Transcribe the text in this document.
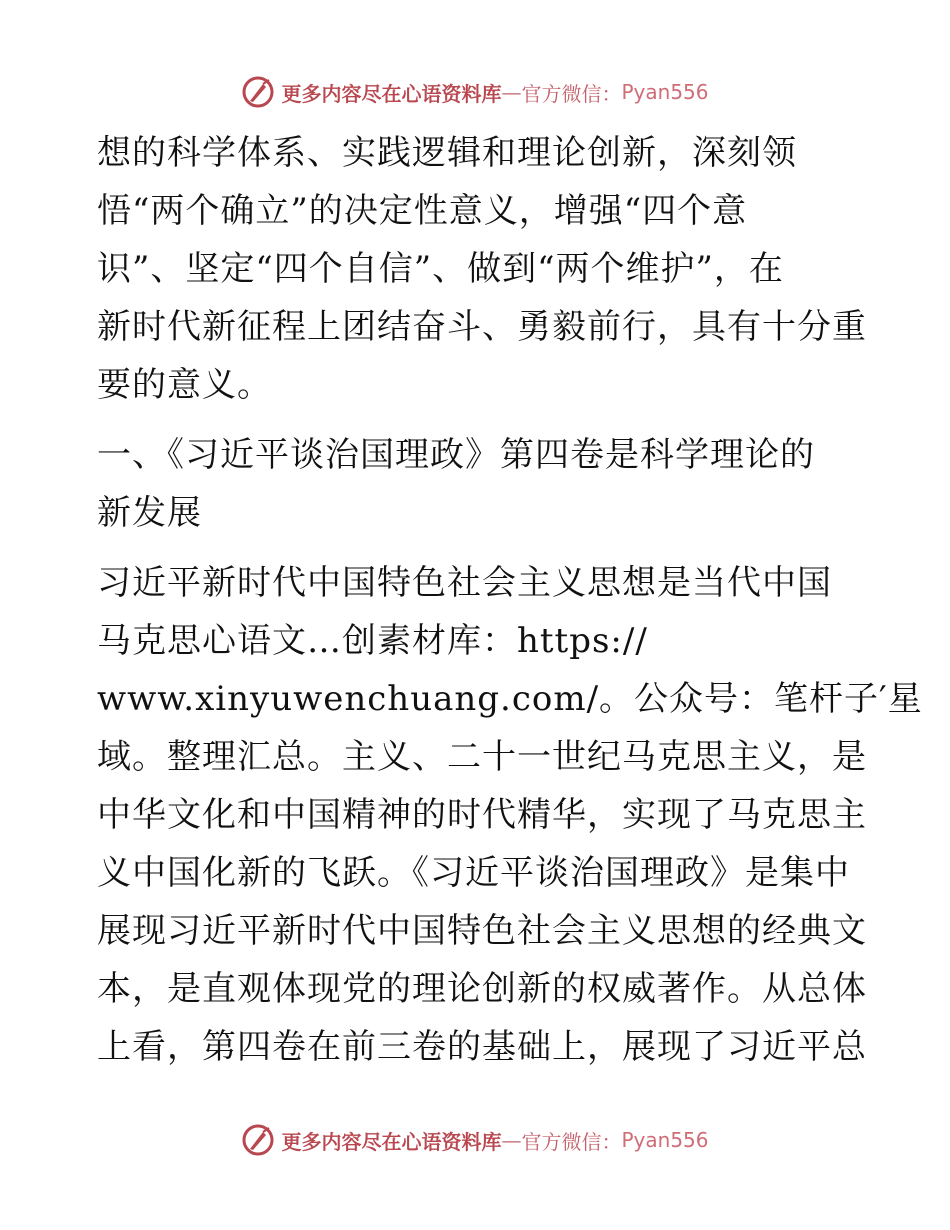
更多内容尽在心语资料库 — 官方微信： Pyan556
想的科学体系、实践逻辑和理论创新，深刻领
悟“两个确立”的决定性意义，增强“四个意
识”、坚定“四个自信”、做到“两个维护”，在
新时代新征程上团结奋斗、勇毅前行，具有十分重
要的意义。
一、《习近平谈治国理政》第四卷是科学理论的
新发展
习近平新时代中国特色社会主义思想是当代中国
马克思心语文…创素材库：https://
www.xinyuwenchuang.com/。公众号：笔杆子′星
域。整理汇总。主义、二十一世纪马克思主义，是
中华文化和中国精神的时代精华，实现了马克思主
义中国化新的飞跃。《习近平谈治国理政》是集中
展现习近平新时代中国特色社会主义思想的经典文
本，是直观体现党的理论创新的权威著作。从总体
上看，第四卷在前三卷的基础上，展现了习近平总
更多内容尽在心语资料库 — 官方微信： Pyan556
